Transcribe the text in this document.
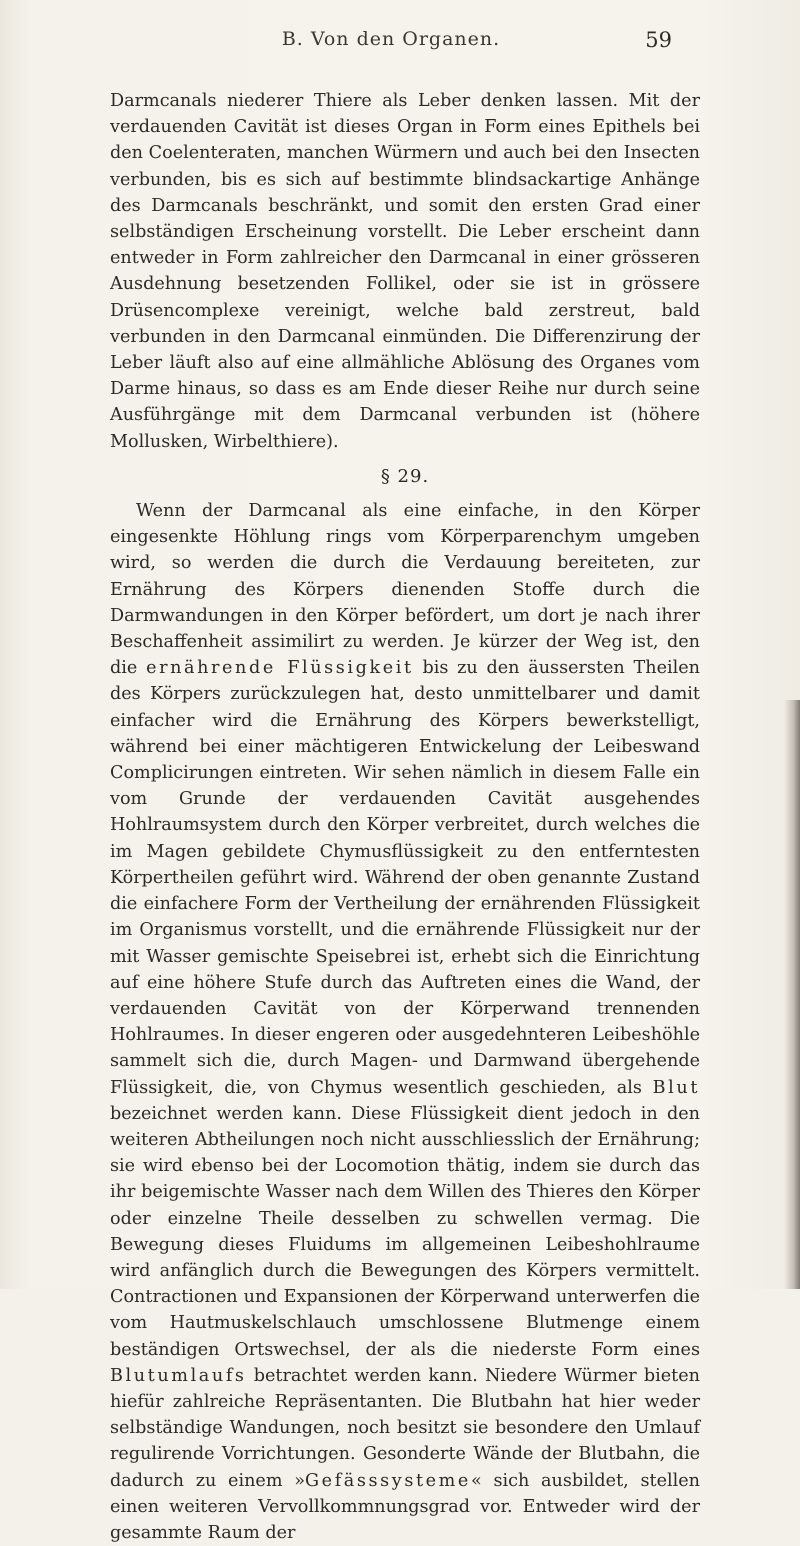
B. Von den Organen.	59

Darmcanals niederer Thiere als Leber denken lassen. Mit der verdauenden Cavität ist dieses Organ in Form eines Epithels bei den Coelenteraten, manchen Würmern und auch bei den Insecten verbunden, bis es sich auf bestimmte blindsackartige Anhänge des Darmcanals beschränkt, und somit den ersten Grad einer selbständigen Erscheinung vorstellt. Die Leber erscheint dann entweder in Form zahlreicher den Darmcanal in einer grösseren Ausdehnung besetzenden Follikel, oder sie ist in grössere Drüsencomplexe vereinigt, welche bald zerstreut, bald verbunden in den Darmcanal einmünden. Die Differenzirung der Leber läuft also auf eine allmähliche Ablösung des Organes vom Darme hinaus, so dass es am Ende dieser Reihe nur durch seine Ausführgänge mit dem Darmcanal verbunden ist (höhere Mollusken, Wirbelthiere).

§ 29.

Wenn der Darmcanal als eine einfache, in den Körper eingesenkte Höhlung rings vom Körperparenchym umgeben wird, so werden die durch die Verdauung bereiteten, zur Ernährung des Körpers dienenden Stoffe durch die Darmwandungen in den Körper befördert, um dort je nach ihrer Beschaffenheit assimilirt zu werden. Je kürzer der Weg ist, den die ernährende Flüssigkeit bis zu den äussersten Theilen des Körpers zurückzulegen hat, desto unmittelbarer und damit einfacher wird die Ernährung des Körpers bewerkstelligt, während bei einer mächtigeren Entwickelung der Leibeswand Complicirungen eintreten. Wir sehen nämlich in diesem Falle ein vom Grunde der verdauenden Cavität ausgehendes Hohlraumsystem durch den Körper verbreitet, durch welches die im Magen gebildete Chymusflüssigkeit zu den entferntesten Körpertheilen geführt wird. Während der oben genannte Zustand die einfachere Form der Vertheilung der ernährenden Flüssigkeit im Organismus vorstellt, und die ernährende Flüssigkeit nur der mit Wasser gemischte Speisebrei ist, erhebt sich die Einrichtung auf eine höhere Stufe durch das Auftreten eines die Wand, der verdauenden Cavität von der Körperwand trennenden Hohlraumes. In dieser engeren oder ausgedehnteren Leibeshöhle sammelt sich die, durch Magen- und Darmwand übergehende Flüssigkeit, die, von Chymus wesentlich geschieden, als Blut bezeichnet werden kann. Diese Flüssigkeit dient jedoch in den weiteren Abtheilungen noch nicht ausschliesslich der Ernährung; sie wird ebenso bei der Locomotion thätig, indem sie durch das ihr beigemischte Wasser nach dem Willen des Thieres den Körper oder einzelne Theile desselben zu schwellen vermag. Die Bewegung dieses Fluidums im allgemeinen Leibeshohlraume wird anfänglich durch die Bewegungen des Körpers vermittelt. Contractionen und Expansionen der Körperwand unterwerfen die vom Hautmuskelschlauch umschlossene Blutmenge einem beständigen Ortswechsel, der als die niederste Form eines Blutumlaufs betrachtet werden kann. Niedere Würmer bieten hiefür zahlreiche Repräsentanten. Die Blutbahn hat hier weder selbständige Wandungen, noch besitzt sie besondere den Umlauf regulirende Vorrichtungen. Gesonderte Wände der Blutbahn, die dadurch zu einem »Gefässsysteme« sich ausbildet, stellen einen weiteren Vervollkommnungsgrad vor. Entweder wird der gesammte Raum der
